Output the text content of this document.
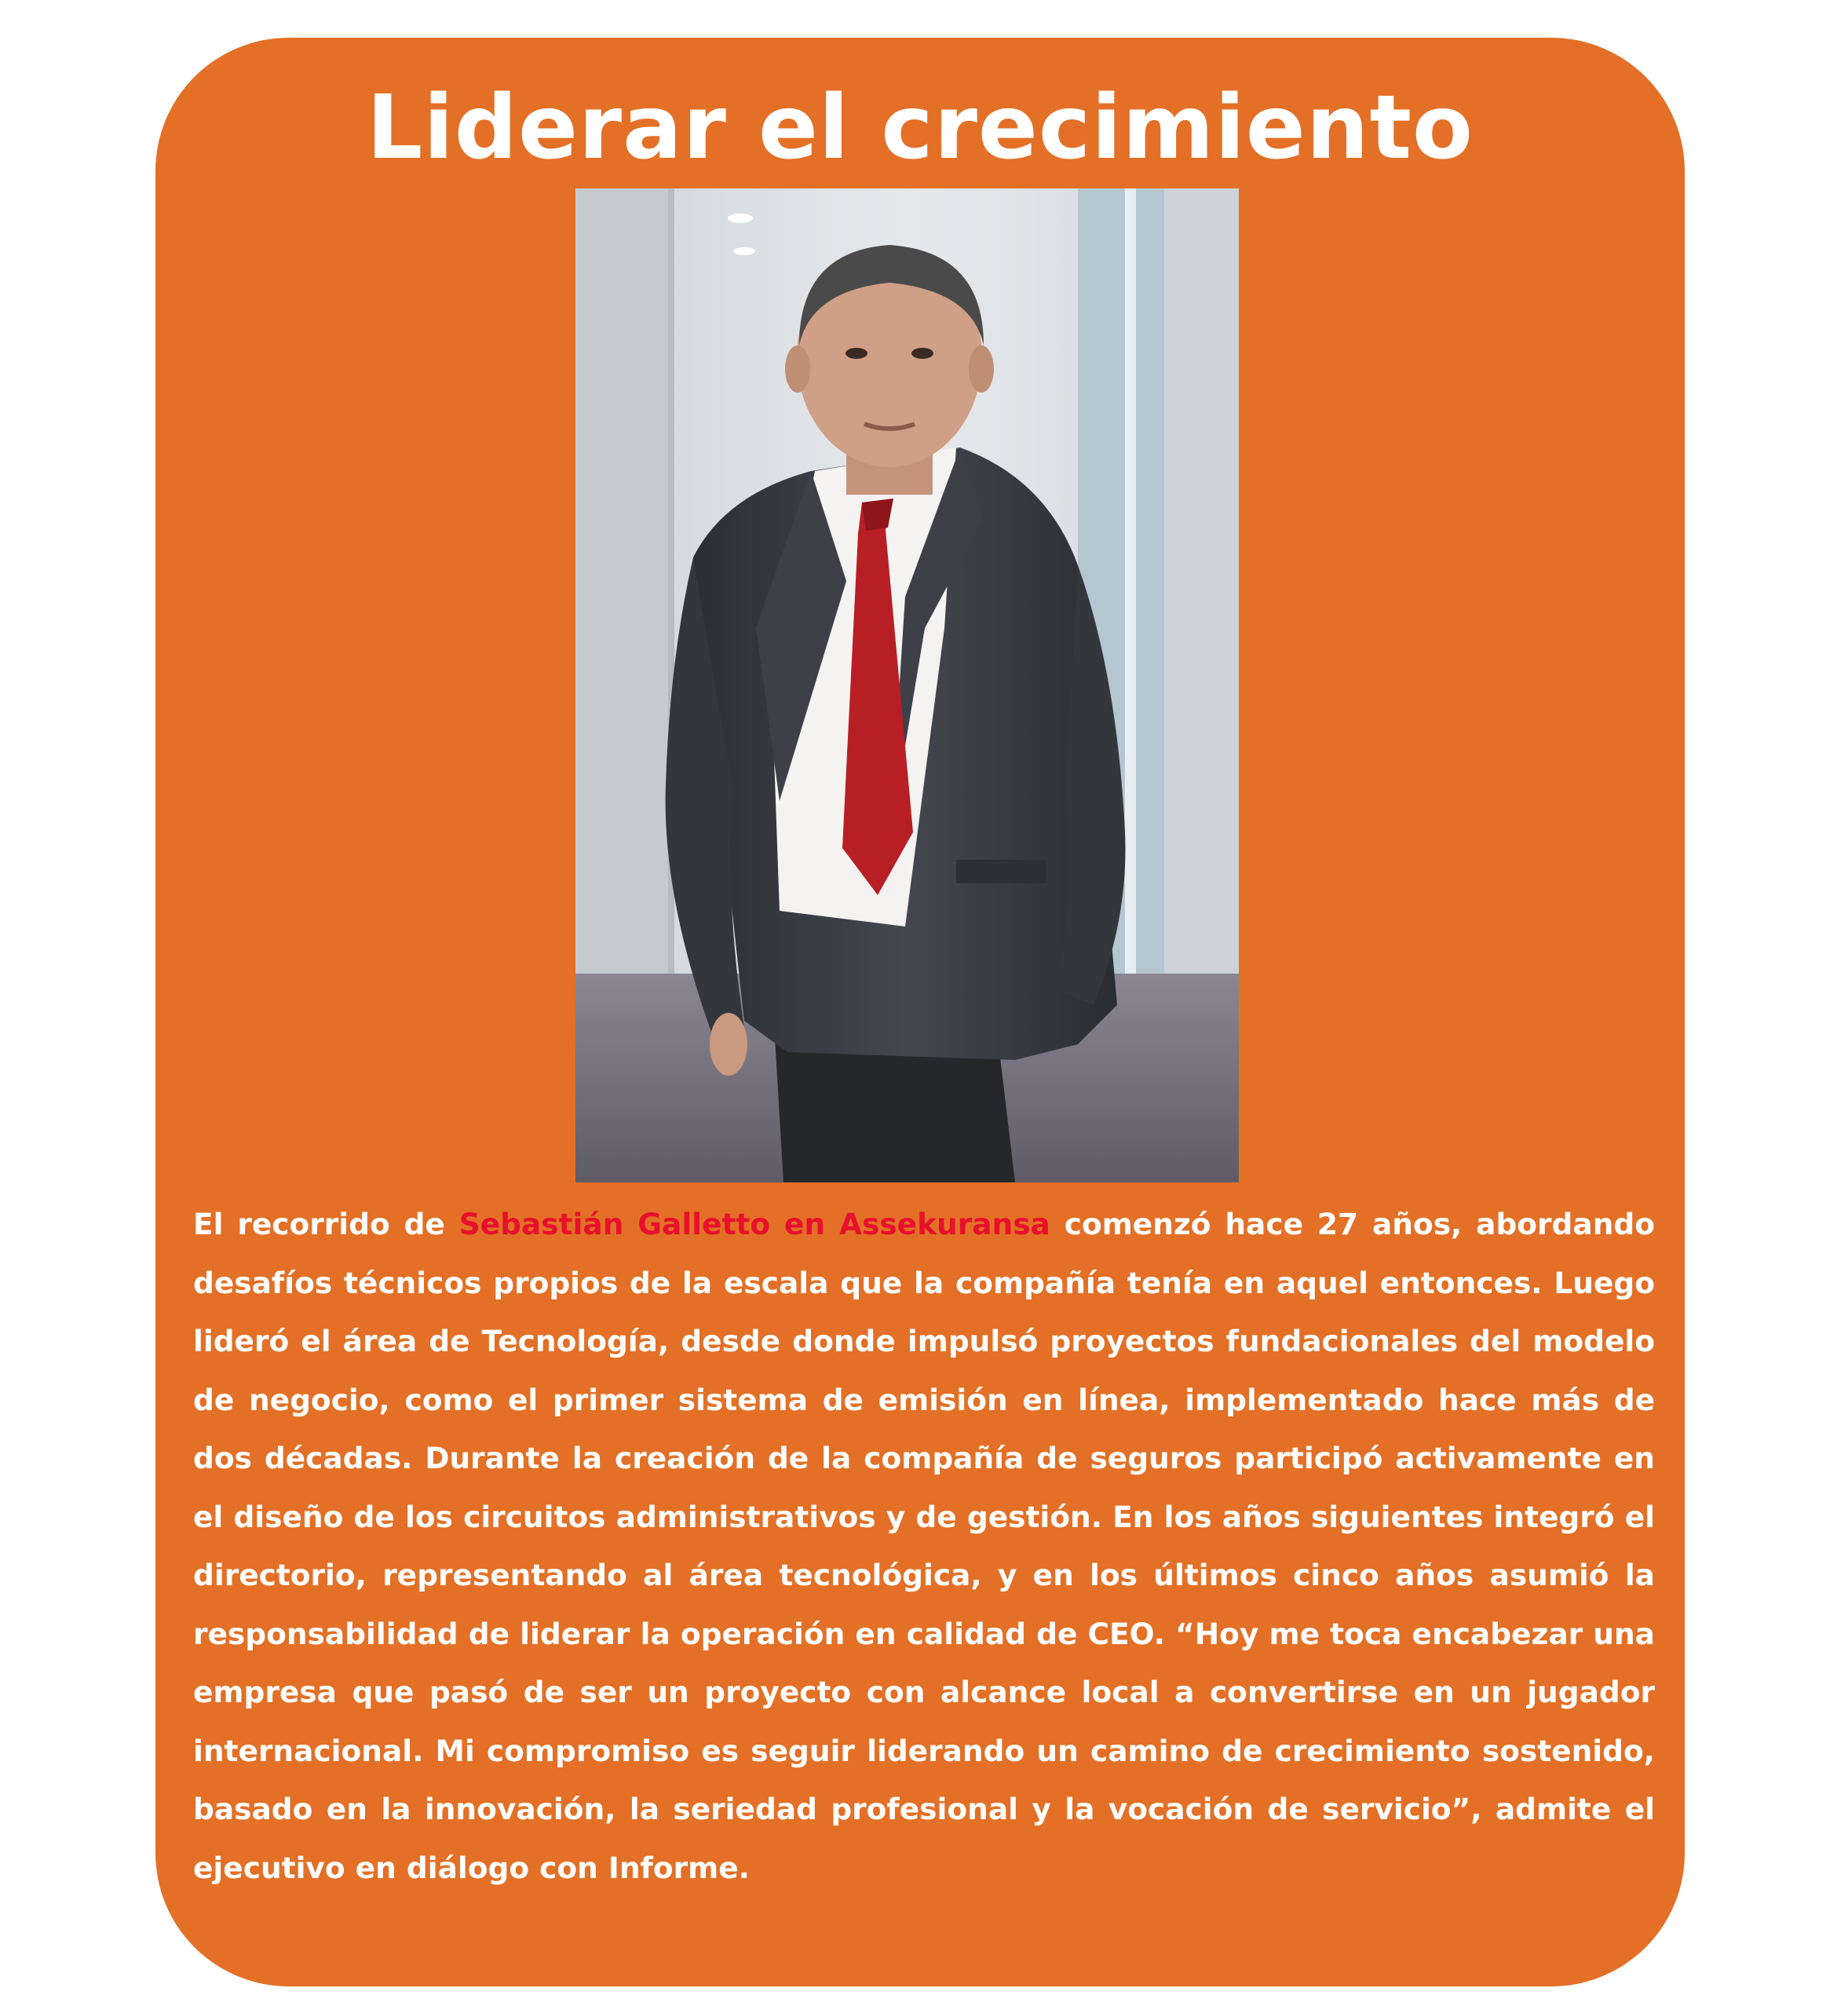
Liderar el crecimiento

El recorrido de Sebastián Galletto en Assekuransa comenzó hace 27 años, abordando desafíos técnicos propios de la escala que la compañía tenía en aquel entonces. Luego lideró el área de Tecnología, desde donde impulsó proyectos fundacionales del modelo de negocio, como el primer sistema de emisión en línea, implementado hace más de dos décadas. Durante la creación de la compañía de seguros participó activamente en el diseño de los circuitos administrativos y de gestión. En los años siguientes integró el directorio, representando al área tecnológica, y en los últimos cinco años asumió la responsabilidad de liderar la operación en calidad de CEO. “Hoy me toca encabezar una empresa que pasó de ser un proyecto con alcance local a convertirse en un jugador internacional. Mi compromiso es seguir liderando un camino de crecimiento sostenido, basado en la innovación, la seriedad profesional y la vocación de servicio”, admite el ejecutivo en diálogo con Informe.
